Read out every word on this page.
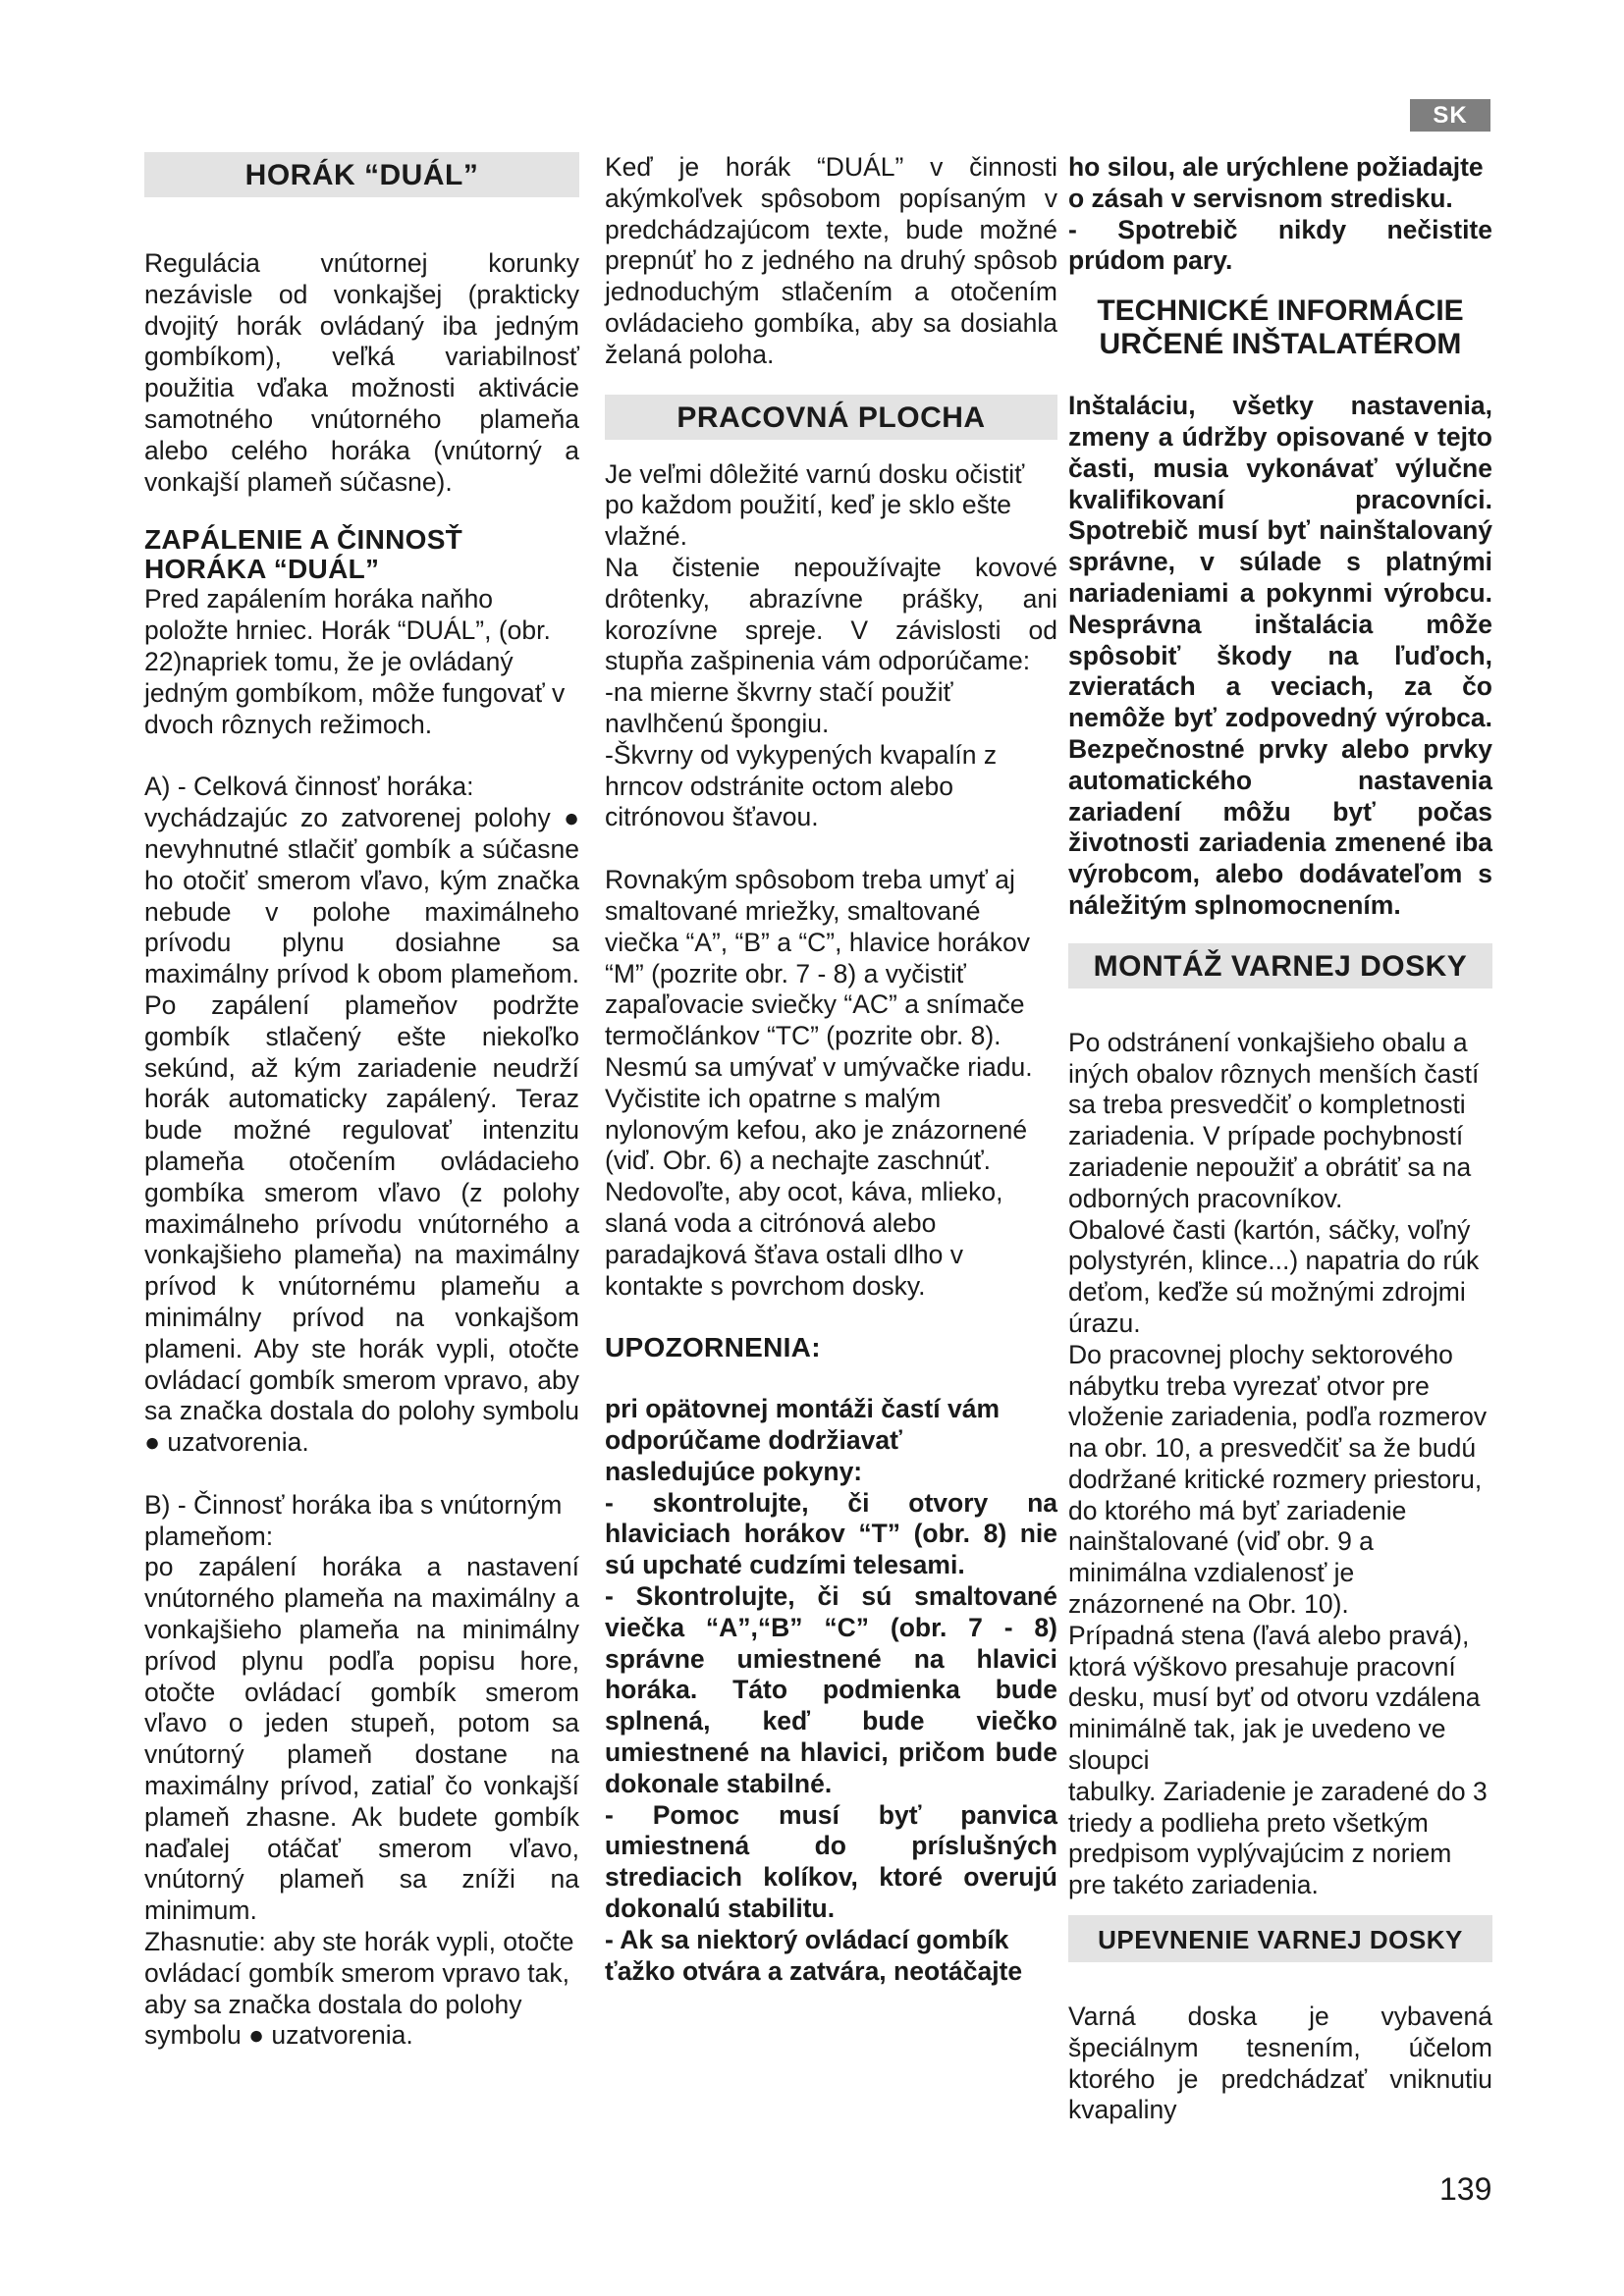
SK
HORÁK “DUÁL”

Regulácia vnútornej korunky nezávisle od vonkajšej (prakticky dvojitý horák ovládaný iba jedným gombíkom), veľká variabilnosť použitia vďaka možnosti aktivácie samotného vnútorného plameňa alebo celého horáka (vnútorný a vonkajší plameň súčasne).

ZAPÁLENIE A ČINNOSŤ HORÁKA “DUÁL”

Pred zapálením horáka naňho položte hrniec. Horák “DUÁL”, (obr. 22)napriek tomu, že je ovládaný jedným gombíkom, môže fungovať v dvoch rôznych režimoch.

A) - Celková činnosť horáka:

vychádzajúc zo zatvorenej polohy ● nevyhnutné stlačiť gombík a súčasne ho otočiť smerom vľavo, kým značka nebude v polohe maximálneho prívodu plynu dosiahne sa maximálny prívod k obom plameňom. Po zapálení plameňov podržte gombík stlačený ešte niekoľko sekúnd, až kým zariadenie neudrží horák automaticky zapálený. Teraz bude možné regulovať intenzitu plameňa otočením ovládacieho gombíka smerom vľavo (z polohy maximálneho prívodu vnútorného a vonkajšieho plameňa) na maximálny prívod k vnútornému plameňu a minimálny prívod na vonkajšom plameni. Aby ste horák vypli, otočte ovládací gombík smerom vpravo, aby sa značka dostala do polohy symbolu ● uzatvorenia.

B) - Činnosť horáka iba s vnútorným plameňom:

po zapálení horáka a nastavení vnútorného plameňa na maximálny a vonkajšieho plameňa na minimálny prívod plynu podľa popisu hore, otočte ovládací gombík smerom vľavo o jeden stupeň, potom sa vnútorný plameň dostane na maximálny prívod, zatiaľ čo vonkajší plameň zhasne. Ak budete gombík naďalej otáčať smerom vľavo, vnútorný plameň sa zníži na minimum.

Zhasnutie: aby ste horák vypli, otočte ovládací gombík smerom vpravo tak, aby sa značka dostala do polohy symbolu ● uzatvorenia.

Keď je horák “DUÁL” v činnosti akýmkoľvek spôsobom popísaným v predchádzajúcom texte, bude možné prepnúť ho z jedného na druhý spôsob jednoduchým stlačením a otočením ovládacieho gombíka, aby sa dosiahla želaná poloha.

PRACOVNÁ PLOCHA

Je veľmi dôležité varnú dosku očistiť po každom použití, keď je sklo ešte vlažné.

Na čistenie nepoužívajte kovové drôtenky, abrazívne prášky, ani korozívne spreje. V závislosti od stupňa zašpinenia vám odporúčame:

-na mierne škvrny stačí použiť navlhčenú špongiu.

-Škvrny od vykypených kvapalín z hrncov odstránite octom alebo citrónovou šťavou.

Rovnakým spôsobom treba umyť aj smaltované mriežky, smaltované viečka “A”, “B” a “C”, hlavice horákov “M” (pozrite obr. 7 - 8) a vyčistiť zapaľovacie sviečky “AC” a snímače termočlánkov “TC” (pozrite obr. 8).

Nesmú sa umývať v umývačke riadu.

Vyčistite ich opatrne s malým nylonovým kefou, ako je znázornené (viď. Obr. 6) a nechajte zaschnúť.

Nedovoľte, aby ocot, káva, mlieko, slaná voda a citrónová alebo paradajková šťava ostali dlho v kontakte s povrchom dosky.

UPOZORNENIA:

pri opätovnej montáži častí vám odporúčame dodržiavať nasledujúce pokyny:

- skontrolujte, či otvory na hlaviciach horákov “T” (obr. 8) nie sú upchaté cudzími telesami.

- Skontrolujte, či sú smaltované viečka “A”,“B” “C” (obr. 7 - 8) správne umiestnené na hlavici horáka. Táto podmienka bude splnená, keď bude viečko umiestnené na hlavici, pričom bude dokonale stabilné.

- Pomoc musí byť panvica umiestnená do príslušných strediacich kolíkov, ktoré overujú dokonalú stabilitu.

- Ak sa niektorý ovládací gombík ťažko otvára a zatvára, neotáčajte

ho silou, ale urýchlene požiadajte o zásah v servisnom stredisku.

- Spotrebič nikdy nečistite prúdom pary.

TECHNICKÉ INFORMÁCIE
URČENÉ INŠTALATÉROM

Inštaláciu, všetky nastavenia, zmeny a údržby opisované v tejto časti, musia vykonávať výlučne kvalifikovaní pracovníci. Spotrebič musí byť nainštalovaný správne, v súlade s platnými nariadeniami a pokynmi výrobcu. Nesprávna inštalácia môže spôsobiť škody na ľuďoch, zvieratách a veciach, za čo nemôže byť zodpovedný výrobca. Bezpečnostné prvky alebo prvky automatického nastavenia zariadení môžu byť počas životnosti zariadenia zmenené iba výrobcom, alebo dodávateľom s náležitým splnomocnením.

MONTÁŽ VARNEJ DOSKY

Po odstránení vonkajšieho obalu a iných obalov rôznych menších častí sa treba presvedčiť o kompletnosti zariadenia. V prípade pochybností zariadenie nepoužiť a obrátiť sa na odborných pracovníkov.

Obalové časti (kartón, sáčky, voľný polystyrén, klince...) napatria do rúk deťom, keďže sú možnými zdrojmi úrazu.

Do pracovnej plochy sektorového nábytku treba vyrezať otvor pre vloženie zariadenia, podľa rozmerov na obr. 10, a presvedčiť sa že budú dodržané kritické rozmery priestoru, do ktorého má byť zariadenie nainštalované (viď obr. 9 a minimálna vzdialenosť je znázornené na Obr. 10).

Prípadná stena (ľavá alebo pravá), ktorá výškovo presahuje pracovní desku, musí byť od otvoru vzdálena minimálně tak, jak je uvedeno ve sloupci

tabulky. Zariadenie je zaradené do 3 triedy a podlieha preto všetkým predpisom vyplývajúcim z noriem pre takéto zariadenia.

UPEVNENIE VARNEJ DOSKY

Varná doska je vybavená špeciálnym tesnením, účelom ktorého je predchádzať vniknutiu kvapaliny

139
